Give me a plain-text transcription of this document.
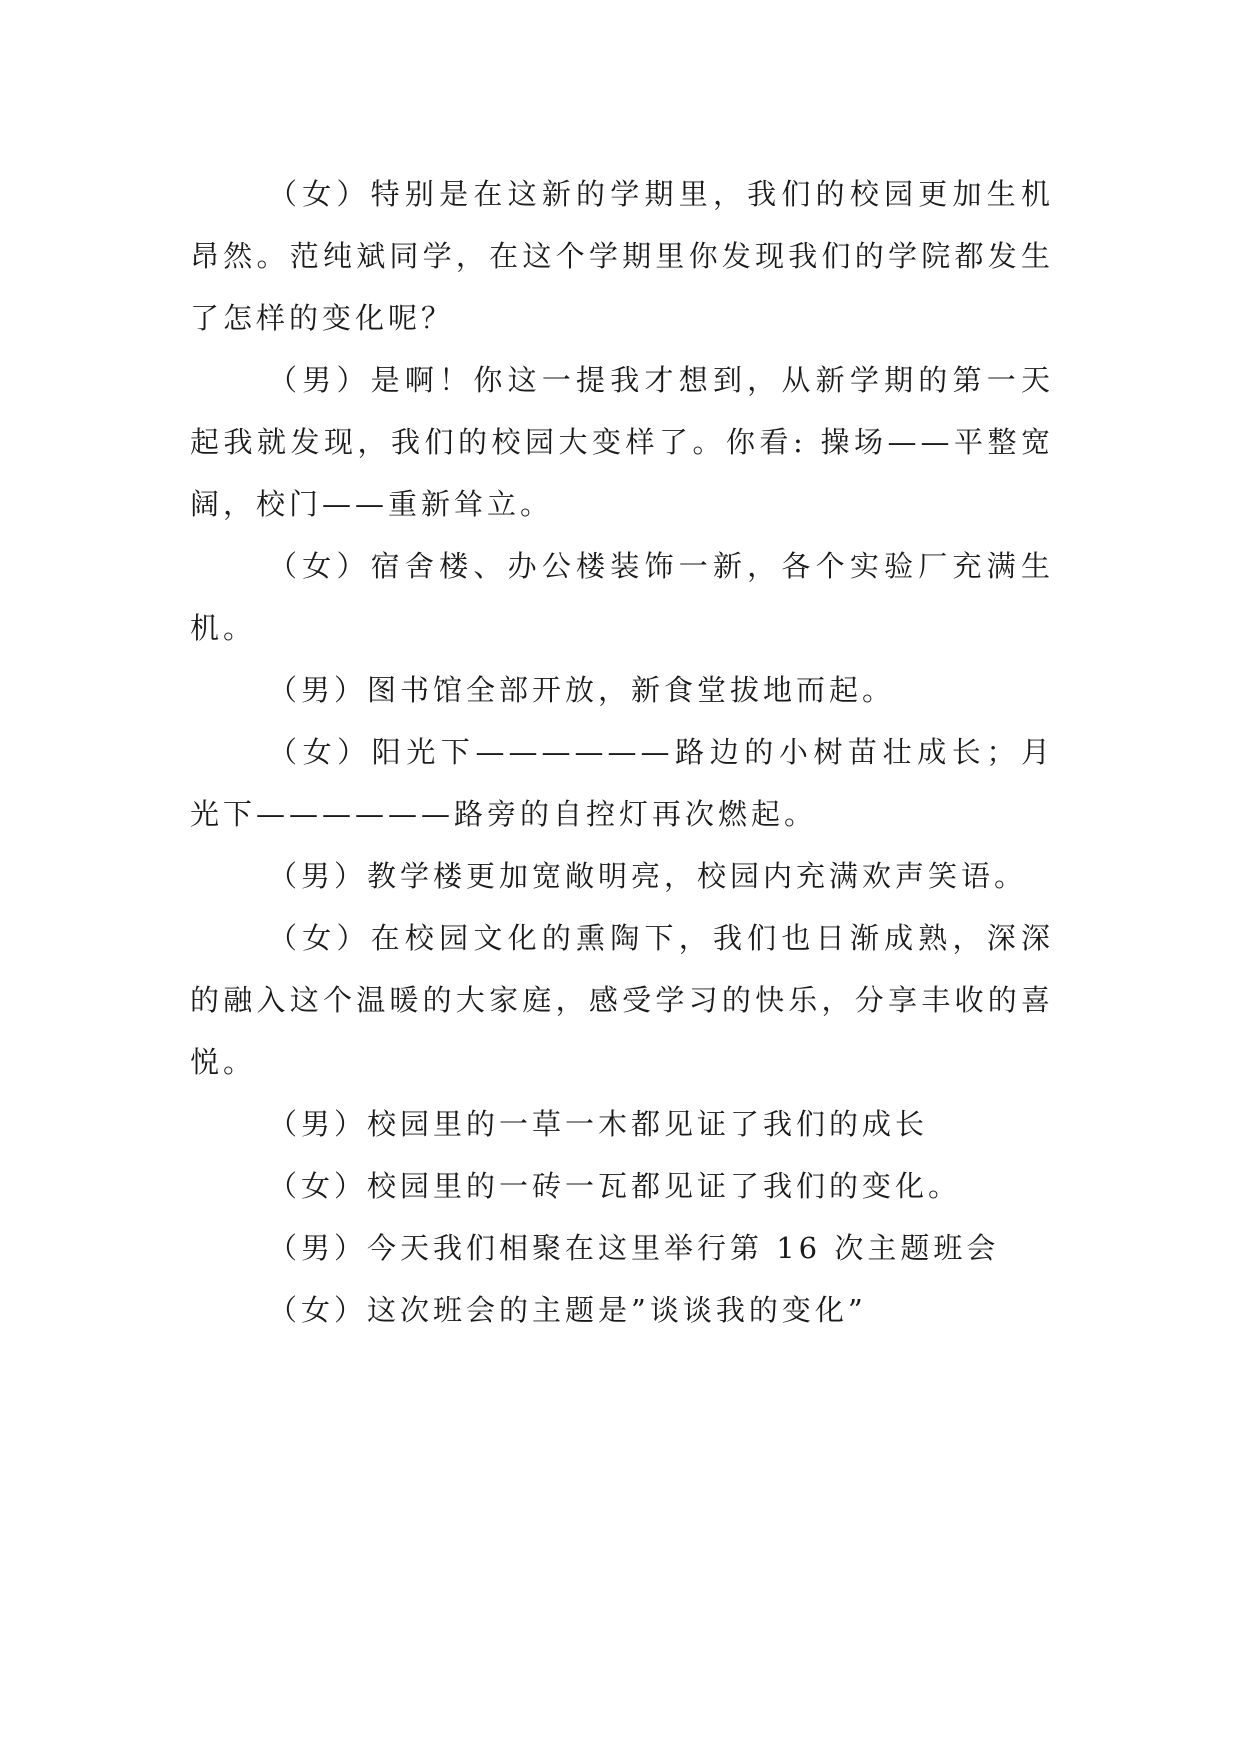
（女）特别是在这新的学期里，我们的校园更加生机昂然。范纯斌同学，在这个学期里你发现我们的学院都发生了怎样的变化呢？

（男）是啊！你这一提我才想到，从新学期的第一天起我就发现，我们的校园大变样了。你看: 操场——平整宽阔，校门——重新耸立。

（女）宿舍楼、办公楼装饰一新，各个实验厂充满生机。

（男）图书馆全部开放，新食堂拔地而起。

（女）阳光下——————路边的小树苗壮成长；月光下——————路旁的自控灯再次燃起。

（男）教学楼更加宽敞明亮，校园内充满欢声笑语。

（女）在校园文化的熏陶下，我们也日渐成熟，深深的融入这个温暖的大家庭，感受学习的快乐，分享丰收的喜悦。

（男）校园里的一草一木都见证了我们的成长

（女）校园里的一砖一瓦都见证了我们的变化。

（男）今天我们相聚在这里举行第 16 次主题班会

（女）这次班会的主题是”谈谈我的变化”
